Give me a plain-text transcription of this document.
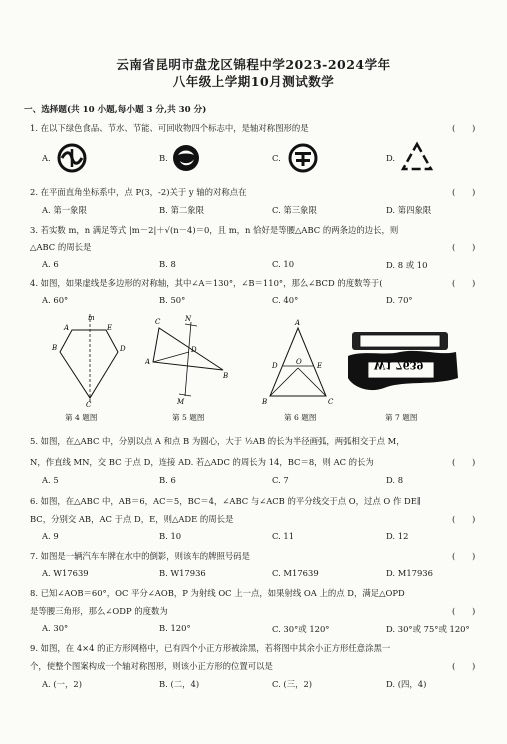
云南省昆明市盘龙区锦程中学2023-2024学年
八年级上学期10月测试数学
一、选择题(共 10 小题,每小题 3 分,共 30 分)
1. 在以下绿色食品、节水、节能、可回收物四个标志中，是轴对称图形的是	(　　)
A.	B.	C.	D.
2. 在平面直角坐标系中，点 P(3，-2)关于 y 轴的对称点在	(　　)
A. 第一象限	B. 第二象限	C. 第三象限	D. 第四象限
3. 若实数 m，n 满足等式 |m－2|＋√(n－4)＝0，且 m，n 恰好是等腰△ABC 的两条边的边长，则
△ABC 的周长是	(　　)
A. 6	B. 8	C. 10	D. 8 或 10
4. 如图，如果虚线是多边形的对称轴，其中∠A＝130°，∠B＝110°，那么∠BCD 的度数等于(	(　　)
A. 60°	B. 50°	C. 40°	D. 70°
m
A	E
B	D
C
第 4 题图
C	N
A
B
D
M
第 5 题图
A
D	O E
B	C
第 6 题图
W1 7639
第 7 题图
5. 如图，在△ABC 中，分别以点 A 和点 B 为圆心，大于 ½AB 的长为半径画弧，两弧相交于点 M，
N，作直线 MN，交 BC 于点 D，连接 AD. 若△ADC 的周长为 14，BC＝8，则 AC 的长为	(　　)
A. 5	B. 6	C. 7	D. 8
6. 如图，在△ABC 中，AB＝6，AC＝5，BC＝4，∠ABC 与∠ACB 的平分线交于点 O，过点 O 作 DE∥
BC，分别交 AB，AC 于点 D，E，则△ADE 的周长是	(　　)
A. 9	B. 10	C. 11	D. 12
7. 如图是一辆汽车车牌在水中的倒影，则该车的牌照号码是	(　　)
A. W17639	B. W17936	C. M17639	D. M17936
8. 已知∠AOB＝60°，OC 平分∠AOB，P 为射线 OC 上一点，如果射线 OA 上的点 D，满足△OPD
是等腰三角形，那么∠ODP 的度数为	(　　)
A. 30°	B. 120°	C. 30°或 120°	D. 30°或 75°或 120°
9. 如图，在 4×4 的正方形网格中，已有四个小正方形被涂黑，若将图中其余小正方形任意涂黑一
个，使整个图案构成一个轴对称图形，则该小正方形的位置可以是	(　　)
A. (一，2)	B. (二，4)	C. (三，2)	D. (四，4)
